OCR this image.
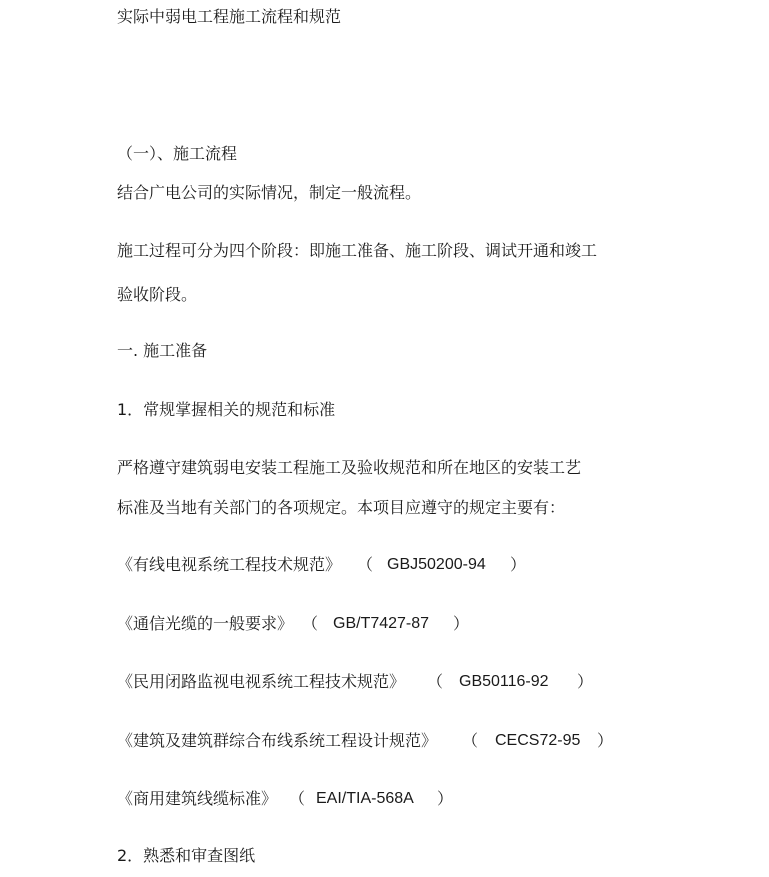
实际中弱电工程施工流程和规范

（一）、施工流程

结合广电公司的实际情况，制定一般流程。

施工过程可分为四个阶段：即施工准备、施工阶段、调试开通和竣工

验收阶段。

一. 施工准备

1．常规掌握相关的规范和标准

严格遵守建筑弱电安装工程施工及验收规范和所在地区的安装工艺

标准及当地有关部门的各项规定。本项目应遵守的规定主要有：

《有线电视系统工程技术规范》 （ GBJ50200-94 ）
《通信光缆的一般要求》 （ GB/T7427-87 ）
《民用闭路监视电视系统工程技术规范》 （ GB50116-92 ）
《建筑及建筑群综合布线系统工程设计规范》 （ CECS72-95 ）
《商用建筑线缆标准》 （ EAI/TIA-568A ）

2．熟悉和审查图纸
